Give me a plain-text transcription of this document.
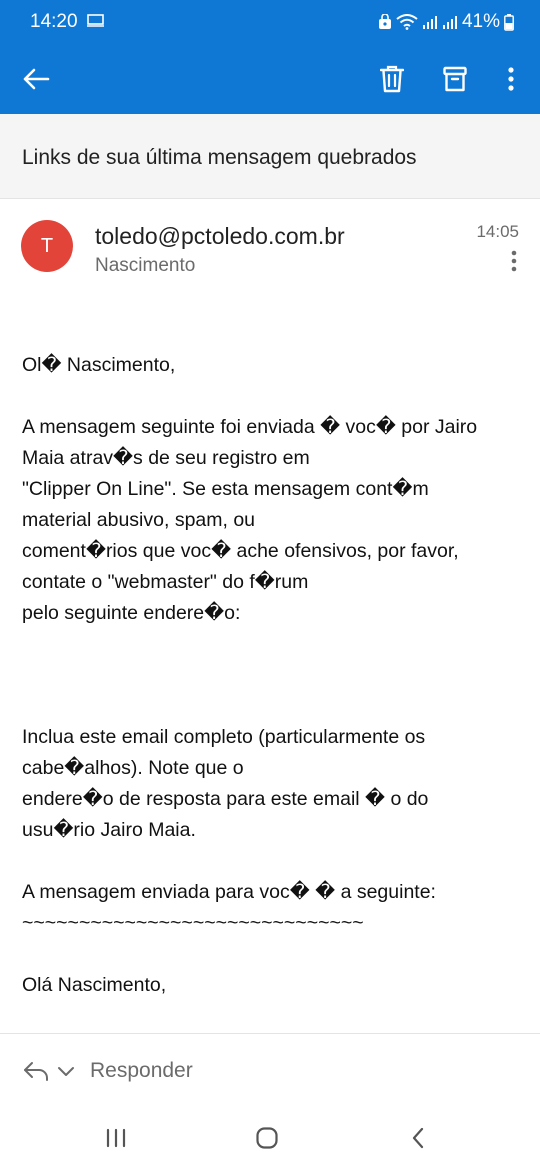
14:20	41%
Links de sua última mensagem quebrados
T	toledo@pctoledo.com.br
Nascimento
14:05

Ol� Nascimento,

A mensagem seguinte foi enviada � voc� por Jairo

Maia atrav�s de seu registro em

"Clipper On Line". Se esta mensagem cont�m

material abusivo, spam, ou

coment�rios que voc� ache ofensivos, por favor,

contate o "webmaster" do f�rum

pelo seguinte endere�o:

Inclua este email completo (particularmente os

cabe�alhos). Note que o

endere�o de resposta para este email � o do

usu�rio Jairo Maia.

A mensagem enviada para voc� � a seguinte:

~~~~~~~~~~~~~~~~~~~~~~~~~~~~~~

Olá Nascimento,

Responder
